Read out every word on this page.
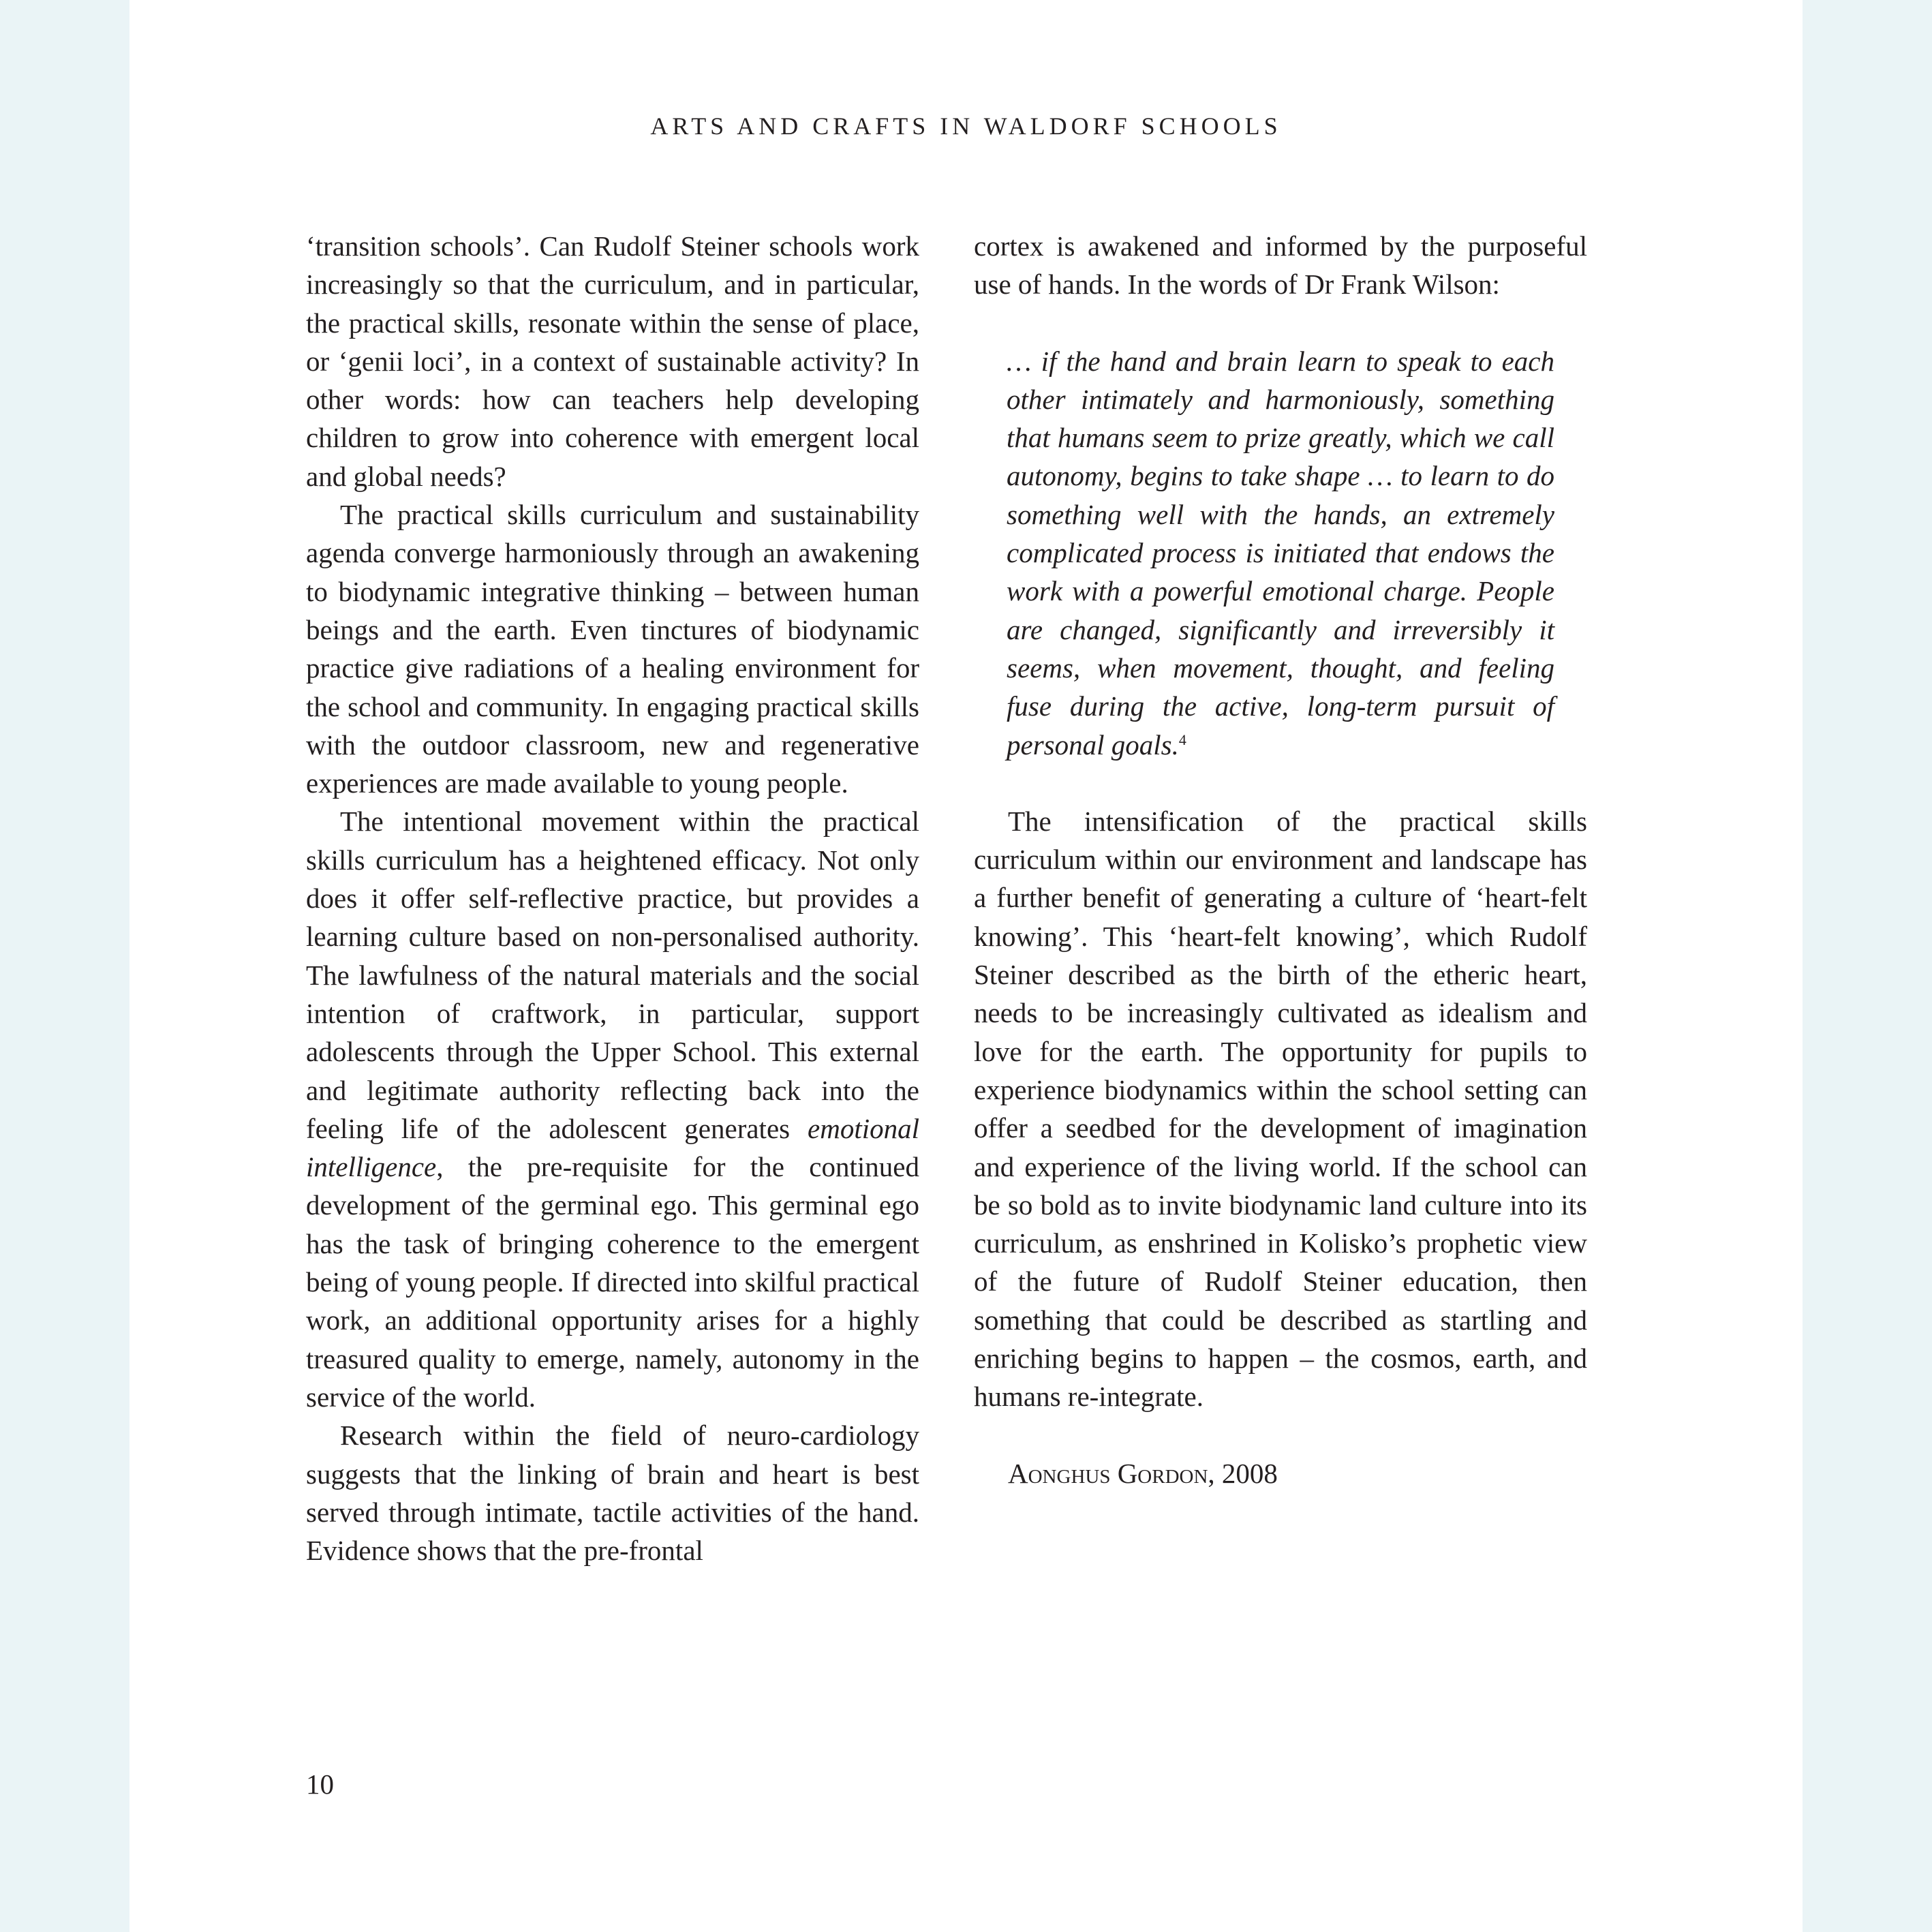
ARTS AND CRAFTS IN WALDORF SCHOOLS

‘transition schools’. Can Rudolf Steiner schools work increasingly so that the curriculum, and in particular, the practical skills, resonate within the sense of place, or ‘genii loci’, in a context of sustainable activity? In other words: how can teachers help developing children to grow into coherence with emergent local and global needs?

The practical skills curriculum and sustainability agenda converge harmoniously through an awakening to biodynamic integrative thinking – between human beings and the earth. Even tinctures of biodynamic practice give radiations of a healing environment for the school and community. In engaging practical skills with the outdoor classroom, new and regenerative experiences are made available to young people.

The intentional movement within the practical skills curriculum has a heightened efficacy. Not only does it offer self-reflective practice, but provides a learning culture based on non-personalised authority. The lawfulness of the natural materials and the social intention of craftwork, in particular, support adolescents through the Upper School. This external and legitimate authority reflecting back into the feeling life of the adolescent generates emotional intelligence, the pre-requisite for the continued development of the germinal ego. This germinal ego has the task of bringing coherence to the emergent being of young people. If directed into skilful practical work, an additional opportunity arises for a highly treasured quality to emerge, namely, autonomy in the service of the world.

Research within the field of neuro-cardiology suggests that the linking of brain and heart is best served through intimate, tactile activities of the hand. Evidence shows that the pre-frontal

cortex is awakened and informed by the purposeful use of hands. In the words of Dr Frank Wilson:

… if the hand and brain learn to speak to each other intimately and harmoniously, something that humans seem to prize greatly, which we call autonomy, begins to take shape … to learn to do something well with the hands, an extremely complicated process is initiated that endows the work with a powerful emotional charge. People are changed, significantly and irreversibly it seems, when movement, thought, and feeling fuse during the active, long-term pursuit of personal goals.$^4$

The intensification of the practical skills curriculum within our environment and landscape has a further benefit of generating a culture of ‘heart-felt knowing’. This ‘heart-felt knowing’, which Rudolf Steiner described as the birth of the etheric heart, needs to be increasingly cultivated as idealism and love for the earth. The opportunity for pupils to experience biodynamics within the school setting can offer a seedbed for the development of imagination and experience of the living world. If the school can be so bold as to invite biodynamic land culture into its curriculum, as enshrined in Kolisko’s prophetic view of the future of Rudolf Steiner education, then something that could be described as startling and enriching begins to happen – the cosmos, earth, and humans re-integrate.

Aonghus Gordon, 2008
10
